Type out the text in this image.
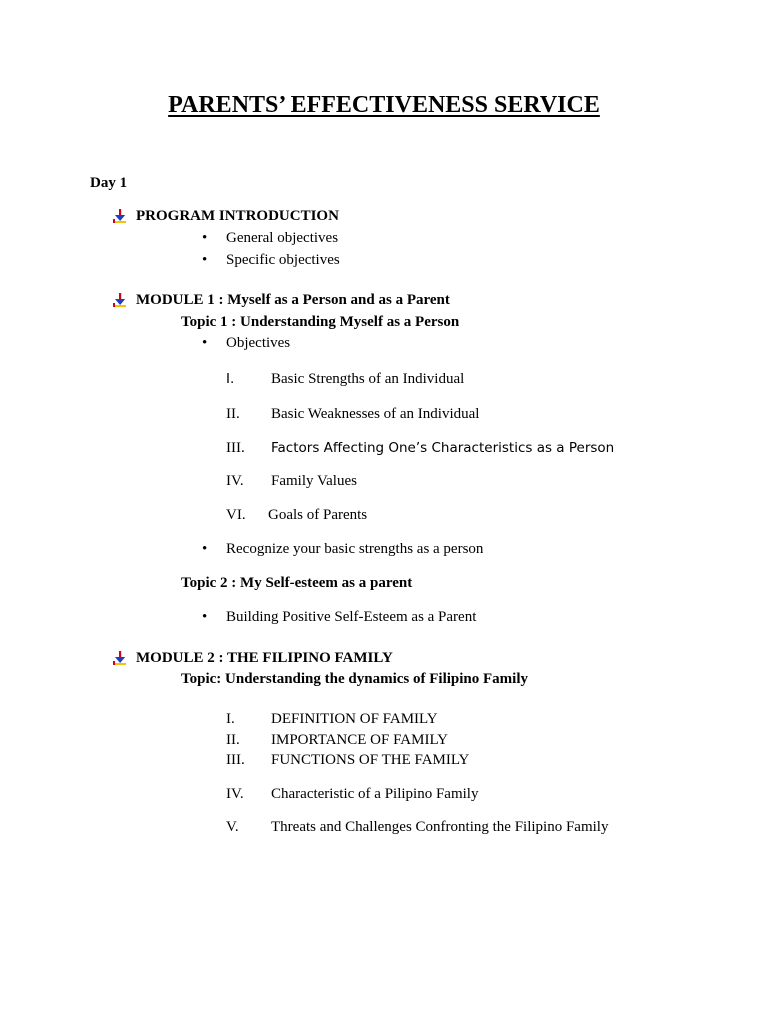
PARENTS’ EFFECTIVENESS SERVICE
Day 1
PROGRAM INTRODUCTION
• General objectives
• Specific objectives
MODULE 1 : Myself as a Person and as a Parent
Topic 1 : Understanding Myself as a Person
• Objectives
I. Basic Strengths of an Individual
II. Basic Weaknesses of an Individual
III. Factors Affecting One’s Characteristics as a Person
IV. Family Values
VI. Goals of Parents
• Recognize your basic strengths as a person
Topic 2 : My Self-esteem as a parent
• Building Positive Self-Esteem as a Parent
MODULE 2 : THE FILIPINO FAMILY
Topic: Understanding the dynamics of Filipino Family
I. DEFINITION OF FAMILY
II. IMPORTANCE OF FAMILY
III. FUNCTIONS OF THE FAMILY
IV. Characteristic of a Pilipino Family
V. Threats and Challenges Confronting the Filipino Family
